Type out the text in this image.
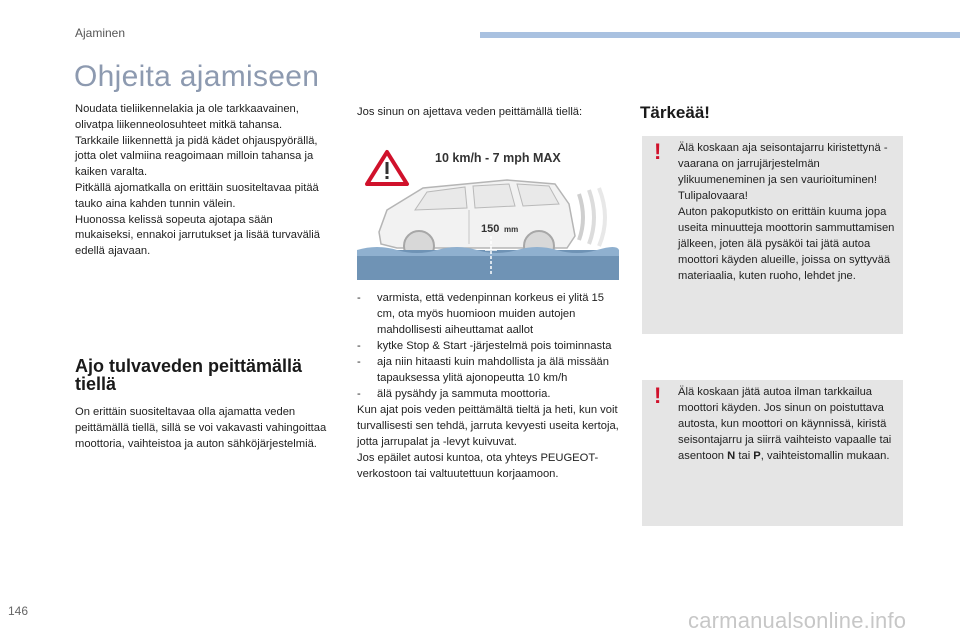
Ajaminen
Ohjeita ajamiseen

Noudata tieliikennelakia ja ole tarkkaavainen, olivatpa liikenneolosuhteet mitkä tahansa.
Tarkkaile liikennettä ja pidä kädet ohjauspyörällä, jotta olet valmiina reagoimaan milloin tahansa ja kaiken varalta.
Pitkällä ajomatkalla on erittäin suositeltavaa pitää tauko aina kahden tunnin välein.
Huonossa kelissä sopeuta ajotapa sään mukaiseksi, ennakoi jarrutukset ja lisää turvaväliä edellä ajavaan.

Ajo tulvaveden peittämällä tiellä
On erittäin suositeltavaa olla ajamatta veden peittämällä tiellä, sillä se voi vakavasti vahingoittaa moottoria, vaihteistoa ja auton sähköjärjestelmiä.
Jos sinun on ajettava veden peittämällä tiellä:
10 km/h - 7 mph MAX
150 mm
-	varmista, että vedenpinnan korkeus ei ylitä 15 cm, ota myös huomioon muiden autojen mahdollisesti aiheuttamat aallot
-	kytke Stop & Start -järjestelmä pois toiminnasta
-	aja niin hitaasti kuin mahdollista ja älä missään tapauksessa ylitä ajonopeutta 10 km/h
-	älä pysähdy ja sammuta moottoria.
Kun ajat pois veden peittämältä tieltä ja heti, kun voit turvallisesti sen tehdä, jarruta kevyesti useita kertoja, jotta jarrupalat ja -levyt kuivuvat.
Jos epäilet autosi kuntoa, ota yhteys PEUGEOT-verkostoon tai valtuutettuun korjaamoon.
Tärkeää!
! Älä koskaan aja seisontajarru kiristettynä - vaarana on jarrujärjestelmän ylikuumeneminen ja sen vaurioituminen!
Tulipalovaara!
Auton pakoputkisto on erittäin kuuma jopa useita minuutteja moottorin sammuttamisen jälkeen, joten älä pysäköi tai jätä autoa moottori käyden alueille, joissa on syttyvää materiaalia, kuten ruoho, lehdet jne.
! Älä koskaan jätä autoa ilman tarkkailua moottori käyden. Jos sinun on poistuttava autosta, kun moottori on käynnissä, kiristä seisontajarru ja siirrä vaihteisto vapaalle tai asentoon N tai P, vaihteistomallin mukaan.
146	carmanualsonline.info
